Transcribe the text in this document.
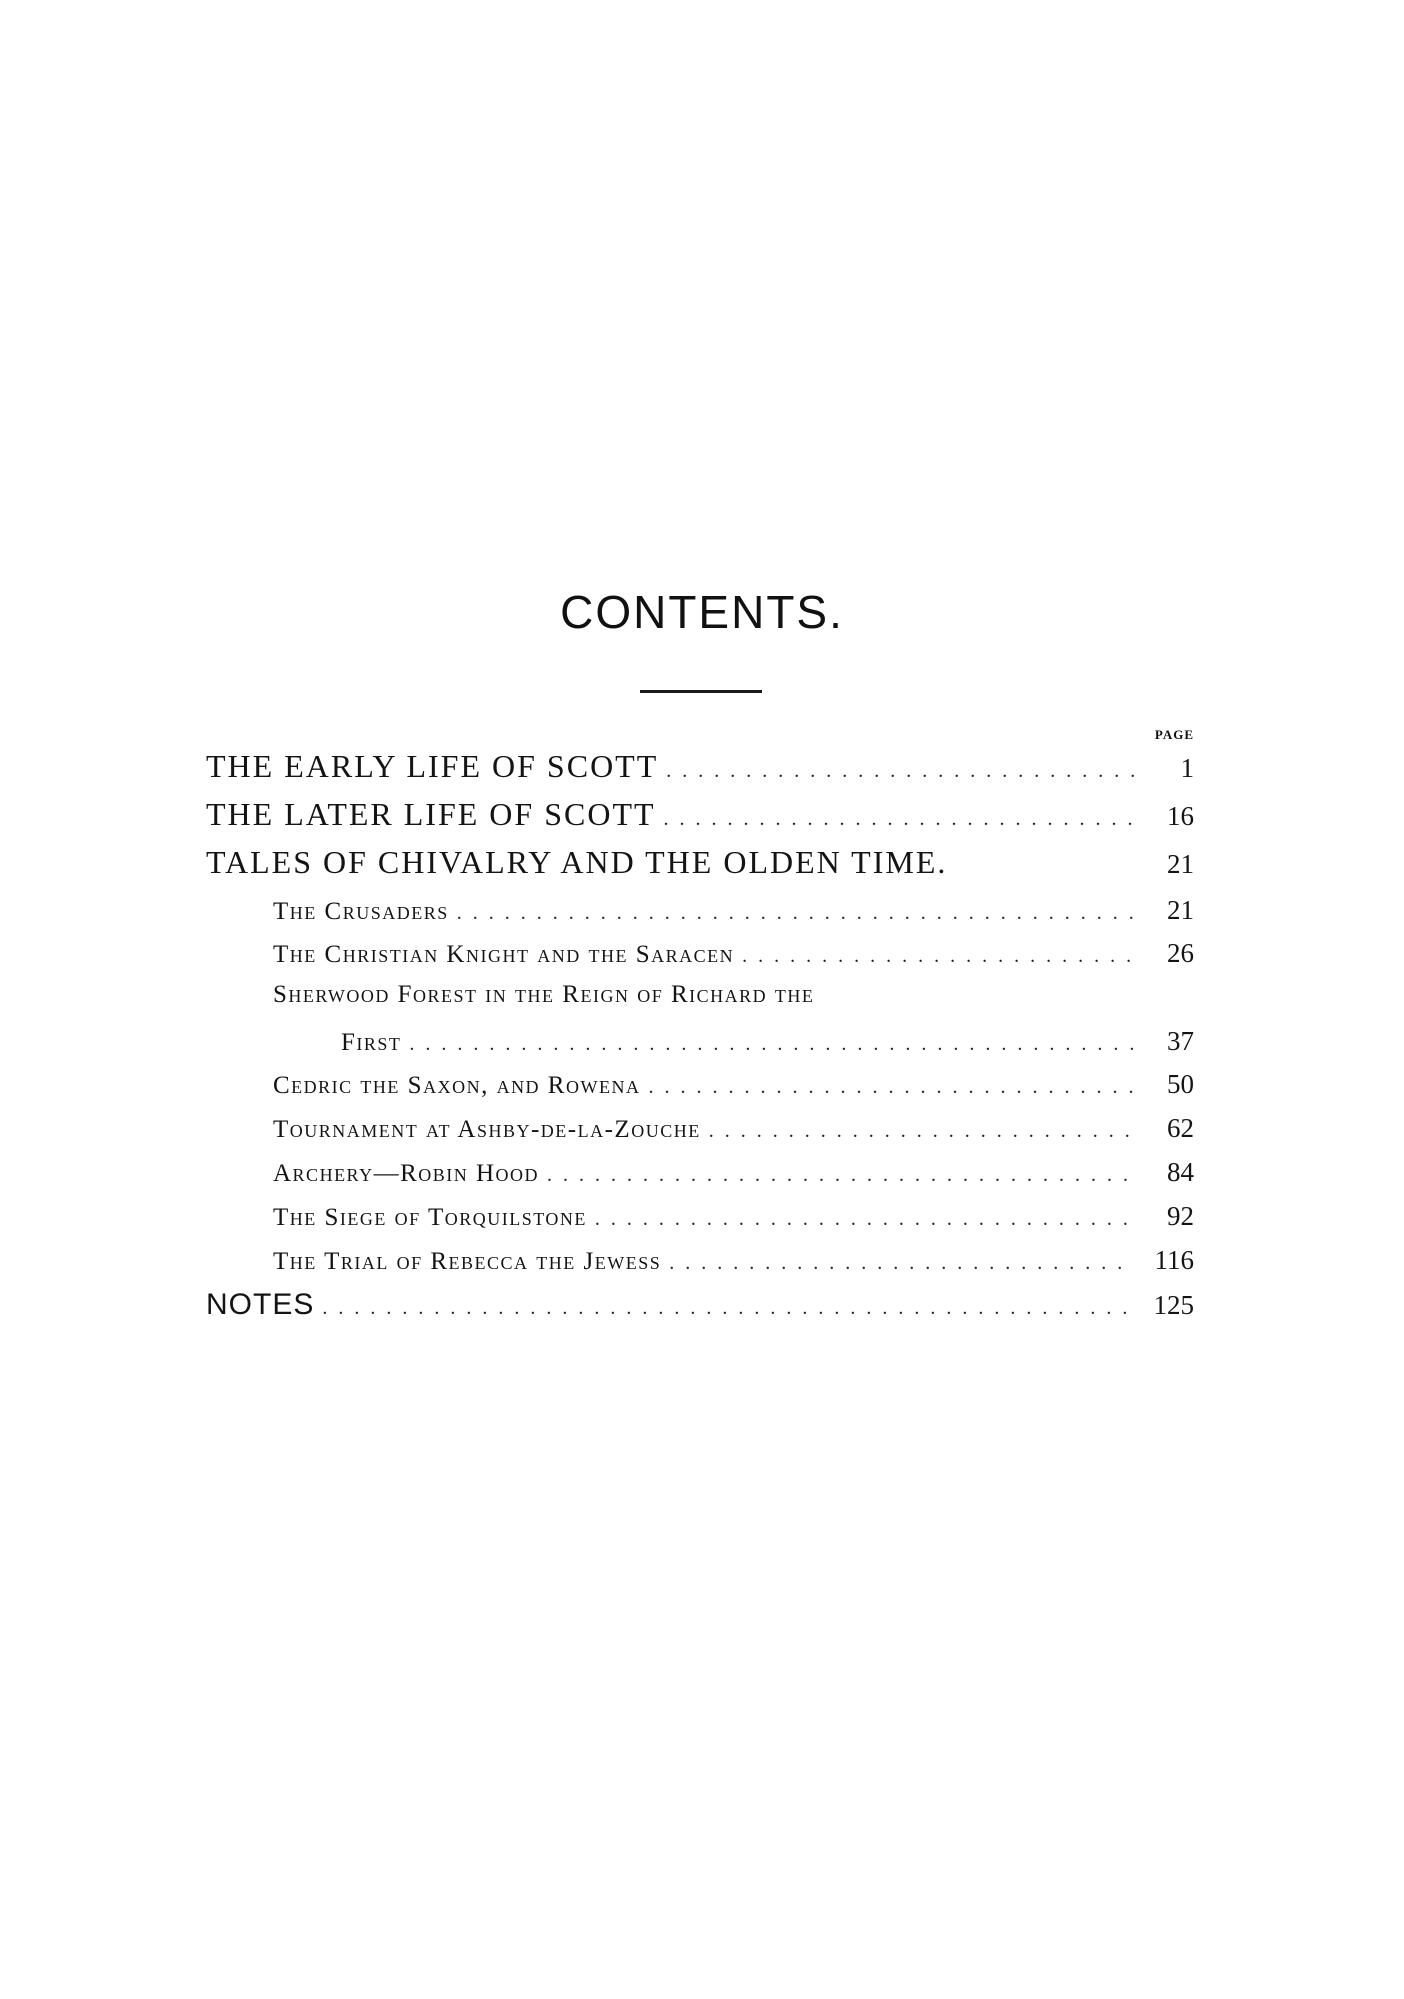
CONTENTS.
PAGE
THE EARLY LIFE OF SCOTT . . .	1
THE LATER LIFE OF SCOTT . . .	16
TALES OF CHIVALRY AND THE OLDEN TIME.	21
The Crusaders . . .	21
The Christian Knight and the Saracen . . .	26
Sherwood Forest in the Reign of Richard the
First . . .	37
Cedric the Saxon, and Rowena . . .	50
Tournament at Ashby-de-la-Zouche . . .	62
Archery—Robin Hood . . .	84
The Siege of Torquilstone . . .	92
The Trial of Rebecca the Jewess . . .	116
NOTES . . .	125
